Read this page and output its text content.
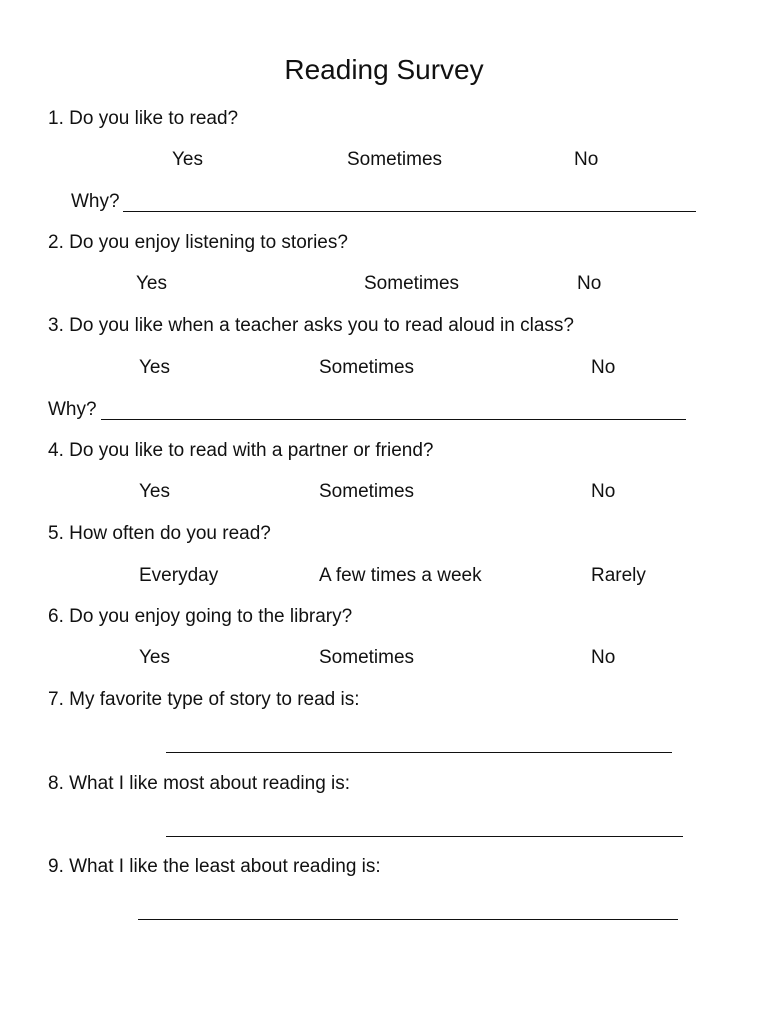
Reading Survey
1. Do you like to read?
Yes	Sometimes	No
Why?
2. Do you enjoy listening to stories?
Yes	Sometimes	No
3. Do you like when a teacher asks you to read aloud in class?
Yes	Sometimes	No
Why?
4. Do you like to read with a partner or friend?
Yes	Sometimes	No
5. How often do you read?
Everyday	A few times a week	Rarely
6. Do you enjoy going to the library?
Yes	Sometimes	No
7. My favorite type of story to read is:
8. What I like most about reading is:
9. What I like the least about reading is:
